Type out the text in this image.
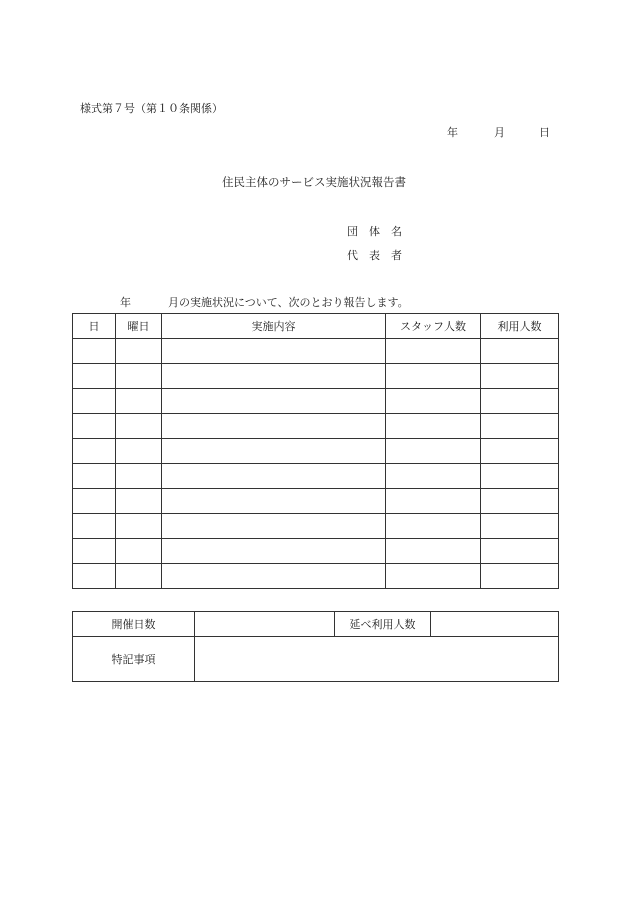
様式第７号（第１０条関係）
年	月	日
住民主体のサービス実施状況報告書
団　体　名
代　表　者
年	月の実施状況について、次のとおり報告します。
日	曜日	実施内容	スタッフ人数	利用人数

開催日数		延べ利用人数	
特記事項			
